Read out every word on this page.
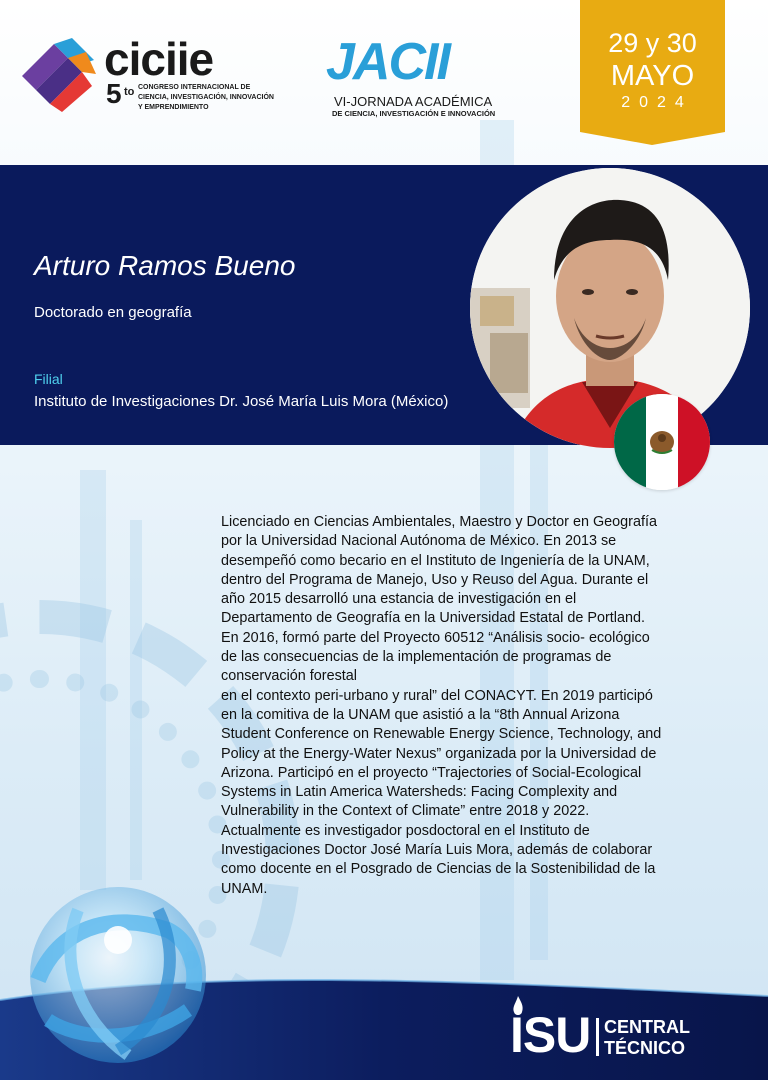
ciciie
5 to CONGRESO INTERNACIONAL DE
CIENCIA, INVESTIGACIÓN, INNOVACIÓN
Y EMPRENDIMIENTO
JACII
VI-JORNADA ACADÉMICA
DE CIENCIA, INVESTIGACIÓN E INNOVACIÓN
29 y 30
MAYO
2024
Arturo Ramos Bueno
Doctorado en geografía
Filial
Instituto de Investigaciones Dr. José María Luis Mora (México)

Licenciado en Ciencias Ambientales, Maestro y Doctor en Geografía

por la Universidad Nacional Autónoma de México. En 2013 se

desempeñó como becario en el Instituto de Ingeniería de la UNAM,

dentro del Programa de Manejo, Uso y Reuso del Agua. Durante el

año 2015 desarrolló una estancia de investigación en el

Departamento de Geografía en la Universidad Estatal de Portland.

En 2016, formó parte del Proyecto 60512 “Análisis socio- ecológico

de las consecuencias de la implementación de programas de

conservación forestal

en el contexto peri-urbano y rural” del CONACYT. En 2019 participó

en la comitiva de la UNAM que asistió a la “8th Annual Arizona

Student Conference on Renewable Energy Science, Technology, and

Policy at the Energy-Water Nexus” organizada por la Universidad de

Arizona. Participó en el proyecto “Trajectories of Social-Ecological

Systems in Latin America Watersheds: Facing Complexity and

Vulnerability in the Context of Climate” entre 2018 y 2022.

Actualmente es investigador posdoctoral en el Instituto de

Investigaciones Doctor José María Luis Mora, además de colaborar

como docente en el Posgrado de Ciencias de la Sostenibilidad de la

UNAM.

ISU CENTRAL
TÉCNICO
